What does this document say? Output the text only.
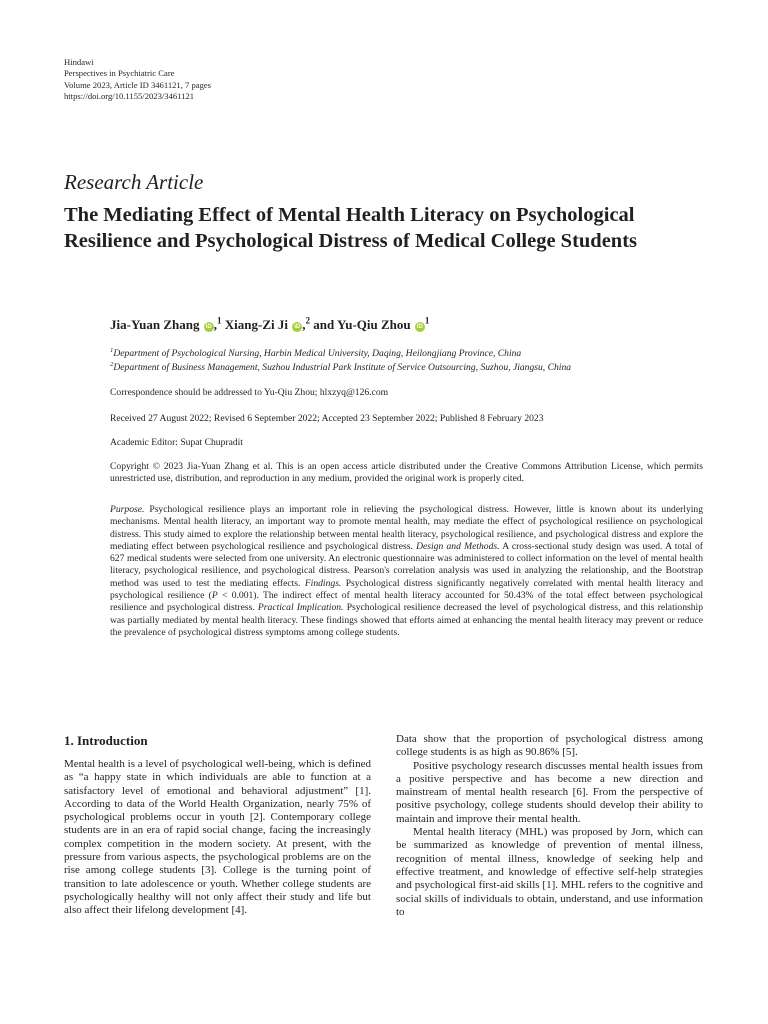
Hindawi
Perspectives in Psychiatric Care
Volume 2023, Article ID 3461121, 7 pages
https://doi.org/10.1155/2023/3461121
Research Article
The Mediating Effect of Mental Health Literacy on Psychological Resilience and Psychological Distress of Medical College Students
Jia-Yuan Zhang iD ,$^1$ Xiang-Zi Ji iD ,$^2$ and Yu-Qiu Zhou $iD^1$
$^1$Department of Psychological Nursing, Harbin Medical University, Daqing, Heilongjiang Province, China
$^2$Department of Business Management, Suzhou Industrial Park Institute of Service Outsourcing, Suzhou, Jiangsu, China
Correspondence should be addressed to Yu-Qiu Zhou; hlxzyq@126.com
Received 27 August 2022; Revised 6 September 2022; Accepted 23 September 2022; Published 8 February 2023
Academic Editor: Supat Chupradit
Copyright © 2023 Jia-Yuan Zhang et al. This is an open access article distributed under the Creative Commons Attribution License, which permits unrestricted use, distribution, and reproduction in any medium, provided the original work is properly cited.
Purpose. Psychological resilience plays an important role in relieving the psychological distress. However, little is known about its underlying mechanisms. Mental health literacy, an important way to promote mental health, may mediate the effect of psychological resilience on psychological distress. This study aimed to explore the relationship between mental health literacy, psychological resilience, and psychological distress and explore the mediating effect between psychological resilience and psychological distress. Design and Methods. A cross-sectional study design was used. A total of 627 medical students were selected from one university. An electronic questionnaire was administered to collect information on the level of mental health literacy, psychological resilience, and psychological distress. Pearson's correlation analysis was used in analyzing the relationship, and the Bootstrap method was used to test the mediating effects. Findings. Psychological distress significantly negatively correlated with mental health literacy and psychological resilience (P < 0.001). The indirect effect of mental health literacy accounted for 50.43% of the total effect between psychological resilience and psychological distress. Practical Implication. Psychological resilience decreased the level of psychological distress, and this relationship was partially mediated by mental health literacy. These findings showed that efforts aimed at enhancing the mental health literacy may prevent or reduce the prevalence of psychological distress symptoms among college students.
1. Introduction

Mental health is a level of psychological well-being, which is defined as “a happy state in which individuals are able to function at a satisfactory level of emotional and behavioral adjustment” [1]. According to data of the World Health Organization, nearly 75% of psychological problems occur in youth [2]. Contemporary college students are in an era of rapid social change, facing the increasingly complex competition in the modern society. At present, with the pressure from various aspects, the psychological problems are on the rise among college students [3]. College is the turning point of transition to late adolescence or youth. Whether college students are psychologically healthy will not only affect their study and life but also affect their lifelong development [4].

Data show that the proportion of psychological distress among college students is as high as 90.86% [5].

Positive psychology research discusses mental health issues from a positive perspective and has become a new direction and mainstream of mental health research [6]. From the perspective of positive psychology, college students should develop their ability to maintain and improve their mental health.

Mental health literacy (MHL) was proposed by Jorn, which can be summarized as knowledge of prevention of mental illness, recognition of mental illness, knowledge of seeking help and effective treatment, and knowledge of effective self-help strategies and psychological first-aid skills [1]. MHL refers to the cognitive and social skills of individuals to obtain, understand, and use information to
